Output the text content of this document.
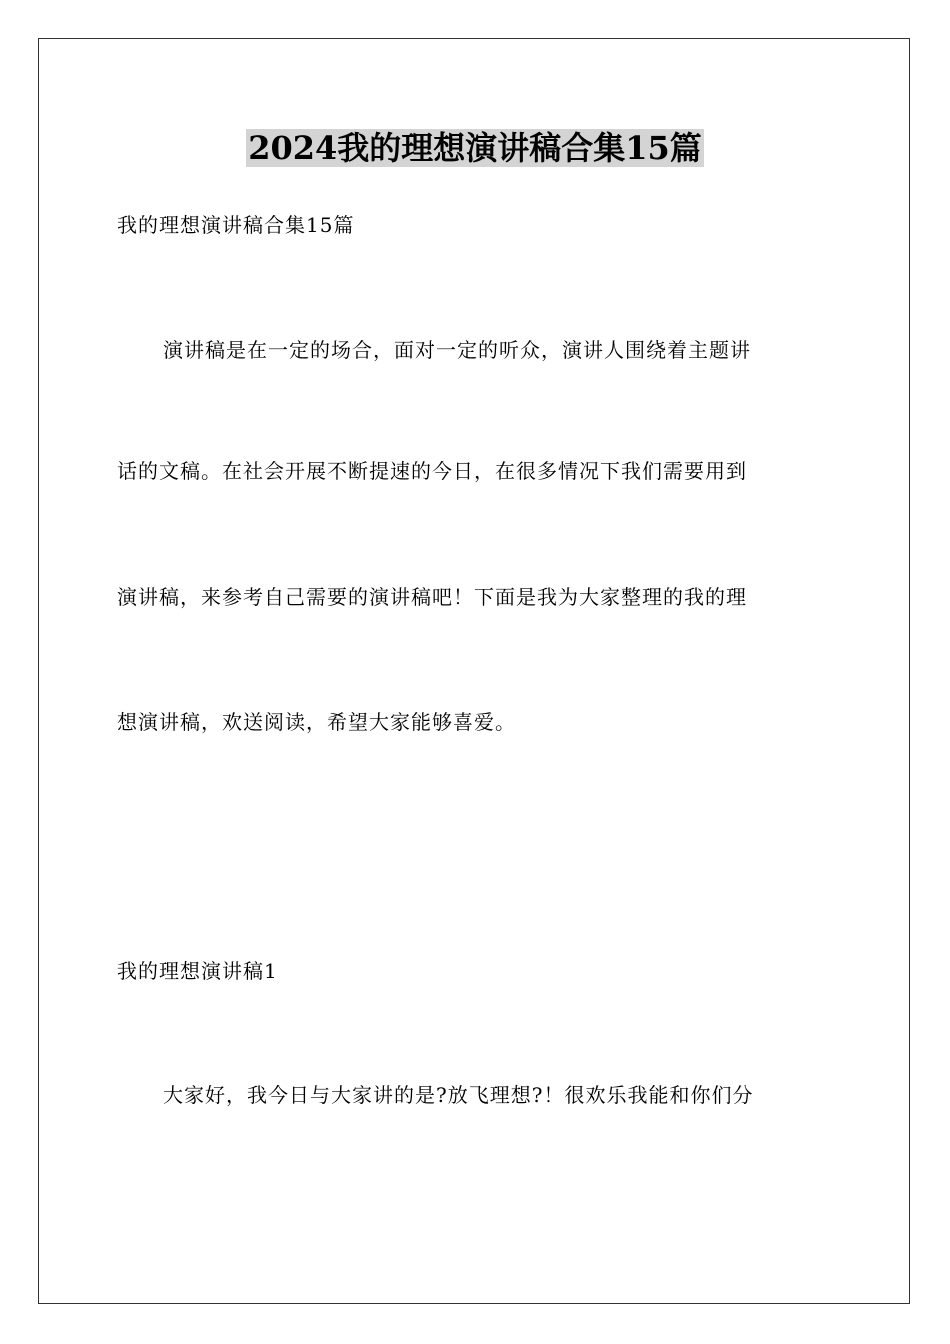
2024我的理想演讲稿合集15篇

我的理想演讲稿合集15篇

演讲稿是在一定的场合，面对一定的听众，演讲人围绕着主题讲

话的文稿。在社会开展不断提速的今日，在很多情况下我们需要用到

演讲稿，来参考自己需要的演讲稿吧！下面是我为大家整理的我的理

想演讲稿，欢送阅读，希望大家能够喜爱。

我的理想演讲稿1

大家好，我今日与大家讲的是?放飞理想?！很欢乐我能和你们分
